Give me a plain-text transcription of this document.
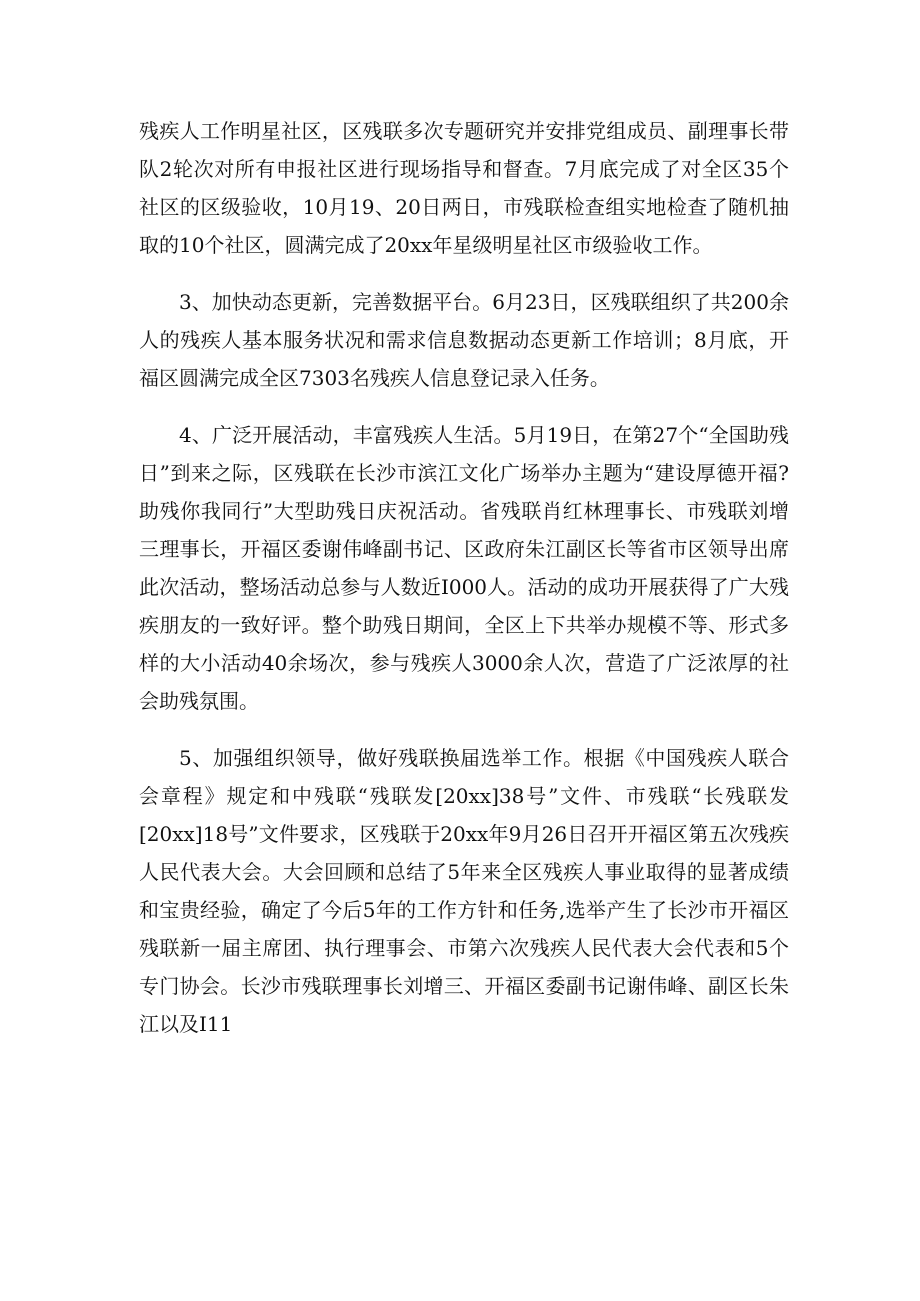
残疾人工作明星社区，区残联多次专题研究并安排党组成员、副理事长带队2轮次对所有申报社区进行现场指导和督查。7月底完成了对全区35个社区的区级验收，10月19、20日两日，市残联检查组实地检查了随机抽取的10个社区，圆满完成了20xx年星级明星社区市级验收工作。

3、加快动态更新，完善数据平台。6月23日，区残联组织了共200余人的残疾人基本服务状况和需求信息数据动态更新工作培训；8月底，开福区圆满完成全区7303名残疾人信息登记录入任务。

4、广泛开展活动，丰富残疾人生活。5月19日，在第27个“全国助残日”到来之际，区残联在长沙市滨江文化广场举办主题为“建设厚德开福?助残你我同行”大型助残日庆祝活动。省残联肖红林理事长、市残联刘增三理事长，开福区委谢伟峰副书记、区政府朱江副区长等省市区领导出席此次活动，整场活动总参与人数近I000人。活动的成功开展获得了广大残疾朋友的一致好评。整个助残日期间，全区上下共举办规模不等、形式多样的大小活动40余场次，参与残疾人3000余人次，营造了广泛浓厚的社会助残氛围。

5、加强组织领导，做好残联换届选举工作。根据《中国残疾人联合会章程》规定和中残联“残联发[20xx]38号”文件、市残联“长残联发[20xx]18号”文件要求，区残联于20xx年9月26日召开开福区第五次残疾人民代表大会。大会回顾和总结了5年来全区残疾人事业取得的显著成绩和宝贵经验，确定了今后5年的工作方针和任务,选举产生了长沙市开福区残联新一届主席团、执行理事会、市第六次残疾人民代表大会代表和5个专门协会。长沙市残联理事长刘增三、开福区委副书记谢伟峰、副区长朱江以及I11
